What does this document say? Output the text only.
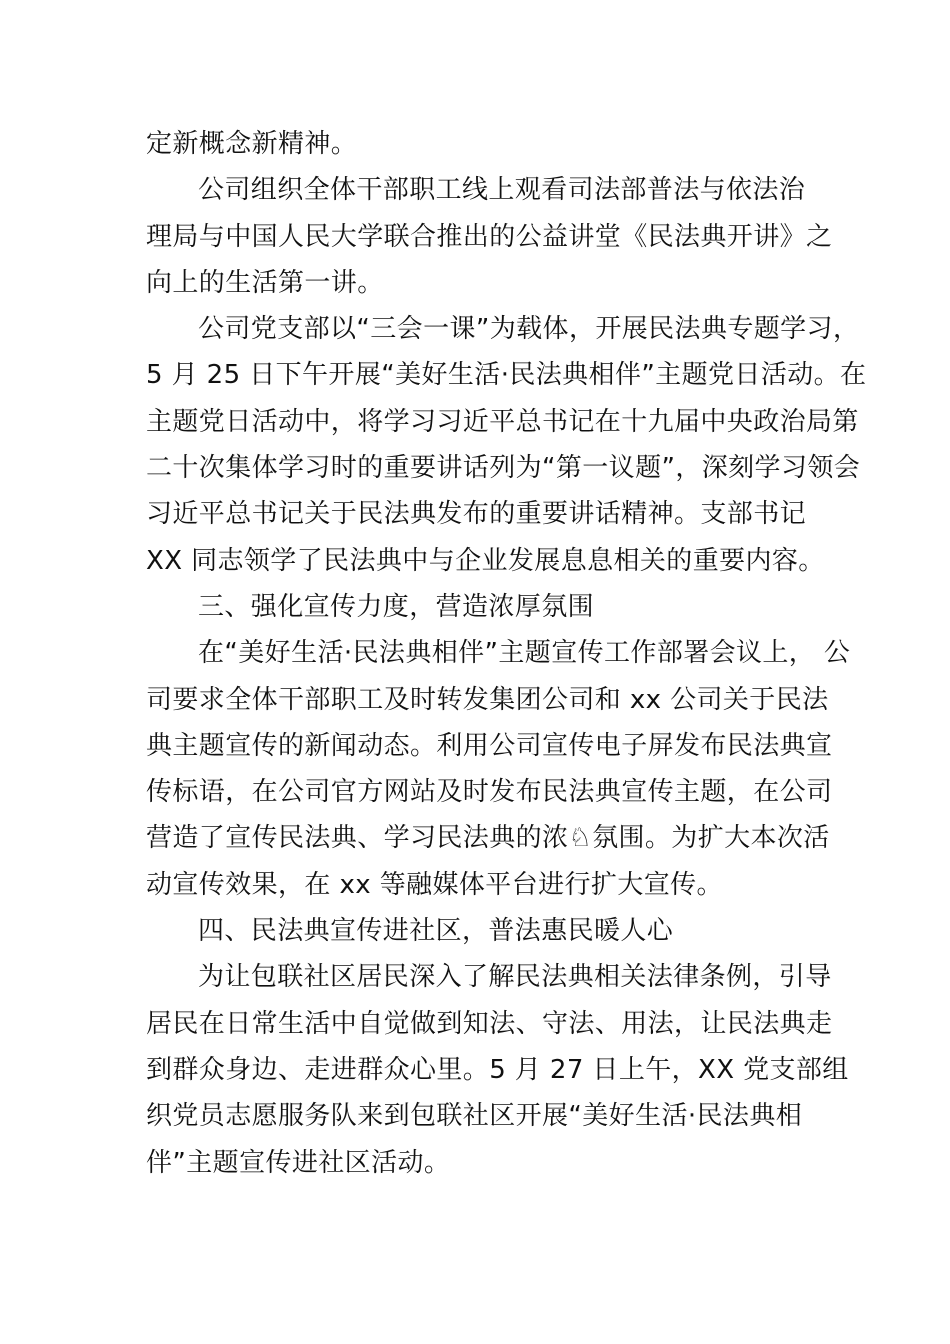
定新概念新精神。
公司组织全体干部职工线上观看司法部普法与依法治
理局与中国人民大学联合推出的公益讲堂《民法典开讲》之
向上的生活第一讲。
公司党支部以“三会一课”为载体，开展民法典专题学习，
5 月 25 日下午开展“美好生活·民法典相伴”主题党日活动。在
主题党日活动中，将学习习近平总书记在十九届中央政治局第
二十次集体学习时的重要讲话列为“第一议题”，深刻学习领会
习近平总书记关于民法典发布的重要讲话精神。支部书记
XX 同志领学了民法典中与企业发展息息相关的重要内容。
三、强化宣传力度，营造浓厚氛围
在“美好生活·民法典相伴”主题宣传工作部署会议上， 公
司要求全体干部职工及时转发集团公司和 xx 公司关于民法
典主题宣传的新闻动态。利用公司宣传电子屏发布民法典宣
传标语，在公司官方网站及时发布民法典宣传主题，在公司
营造了宣传民法典、学习民法典的浓♘氛围。为扩大本次活
动宣传效果，在 xx 等融媒体平台进行扩大宣传。
四、民法典宣传进社区，普法惠民暖人心
为让包联社区居民深入了解民法典相关法律条例，引导
居民在日常生活中自觉做到知法、守法、用法，让民法典走
到群众身边、走进群众心里。5 月 27 日上午，XX 党支部组
织党员志愿服务队来到包联社区开展“美好生活·民法典相
伴”主题宣传进社区活动。
